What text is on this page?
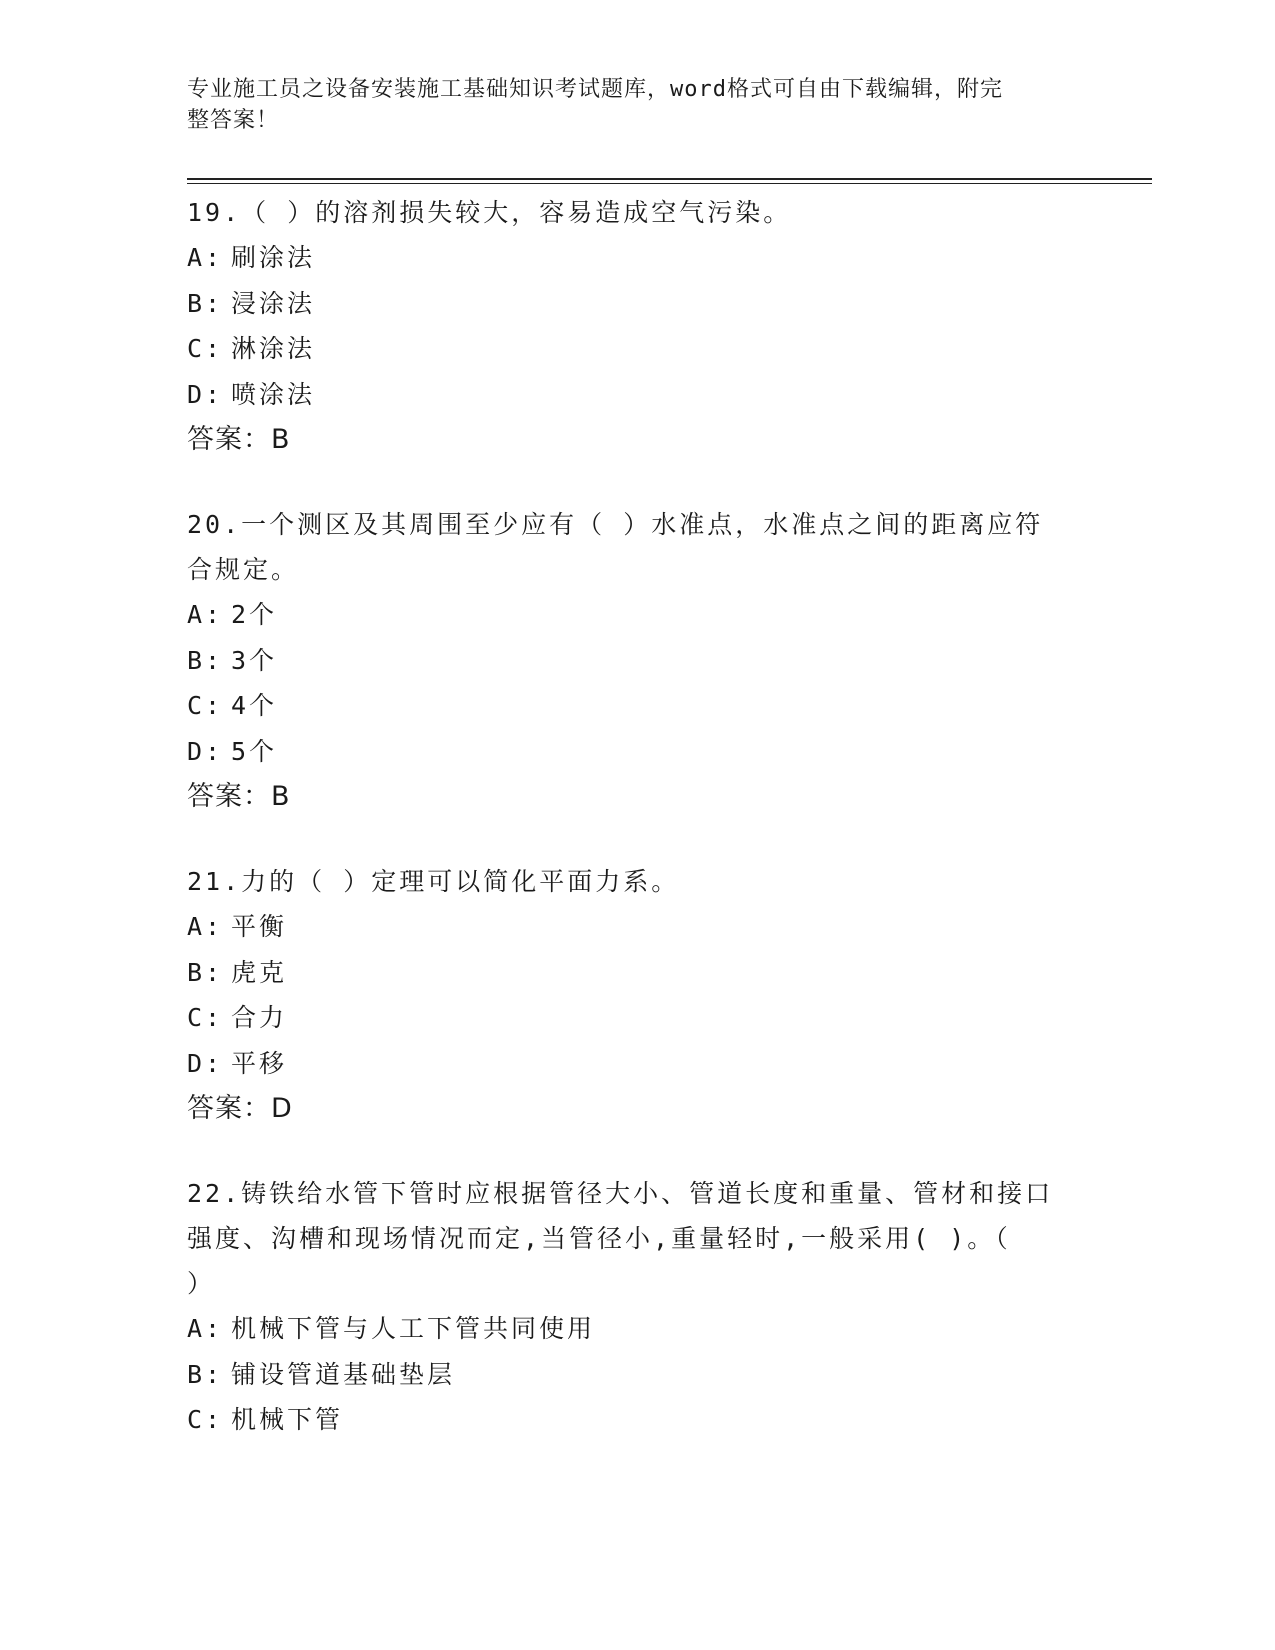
专业施工员之设备安装施工基础知识考试题库，word格式可自由下载编辑，附完
整答案！

19.（ ）的溶剂损失较大，容易造成空气污染。

A: 刷涂法

B: 浸涂法

C: 淋涂法

D: 喷涂法

答案：B

20.一个测区及其周围至少应有（ ）水准点，水准点之间的距离应符
合规定。

A: 2个

B: 3个

C: 4个

D: 5个

答案：B

21.力的（ ）定理可以简化平面力系。

A: 平衡

B: 虎克

C: 合力

D: 平移

答案：D

22.铸铁给水管下管时应根据管径大小、管道长度和重量、管材和接口
强度、沟槽和现场情况而定,当管径小,重量轻时,一般采用( )。（
）

A: 机械下管与人工下管共同使用

B: 铺设管道基础垫层

C: 机械下管
